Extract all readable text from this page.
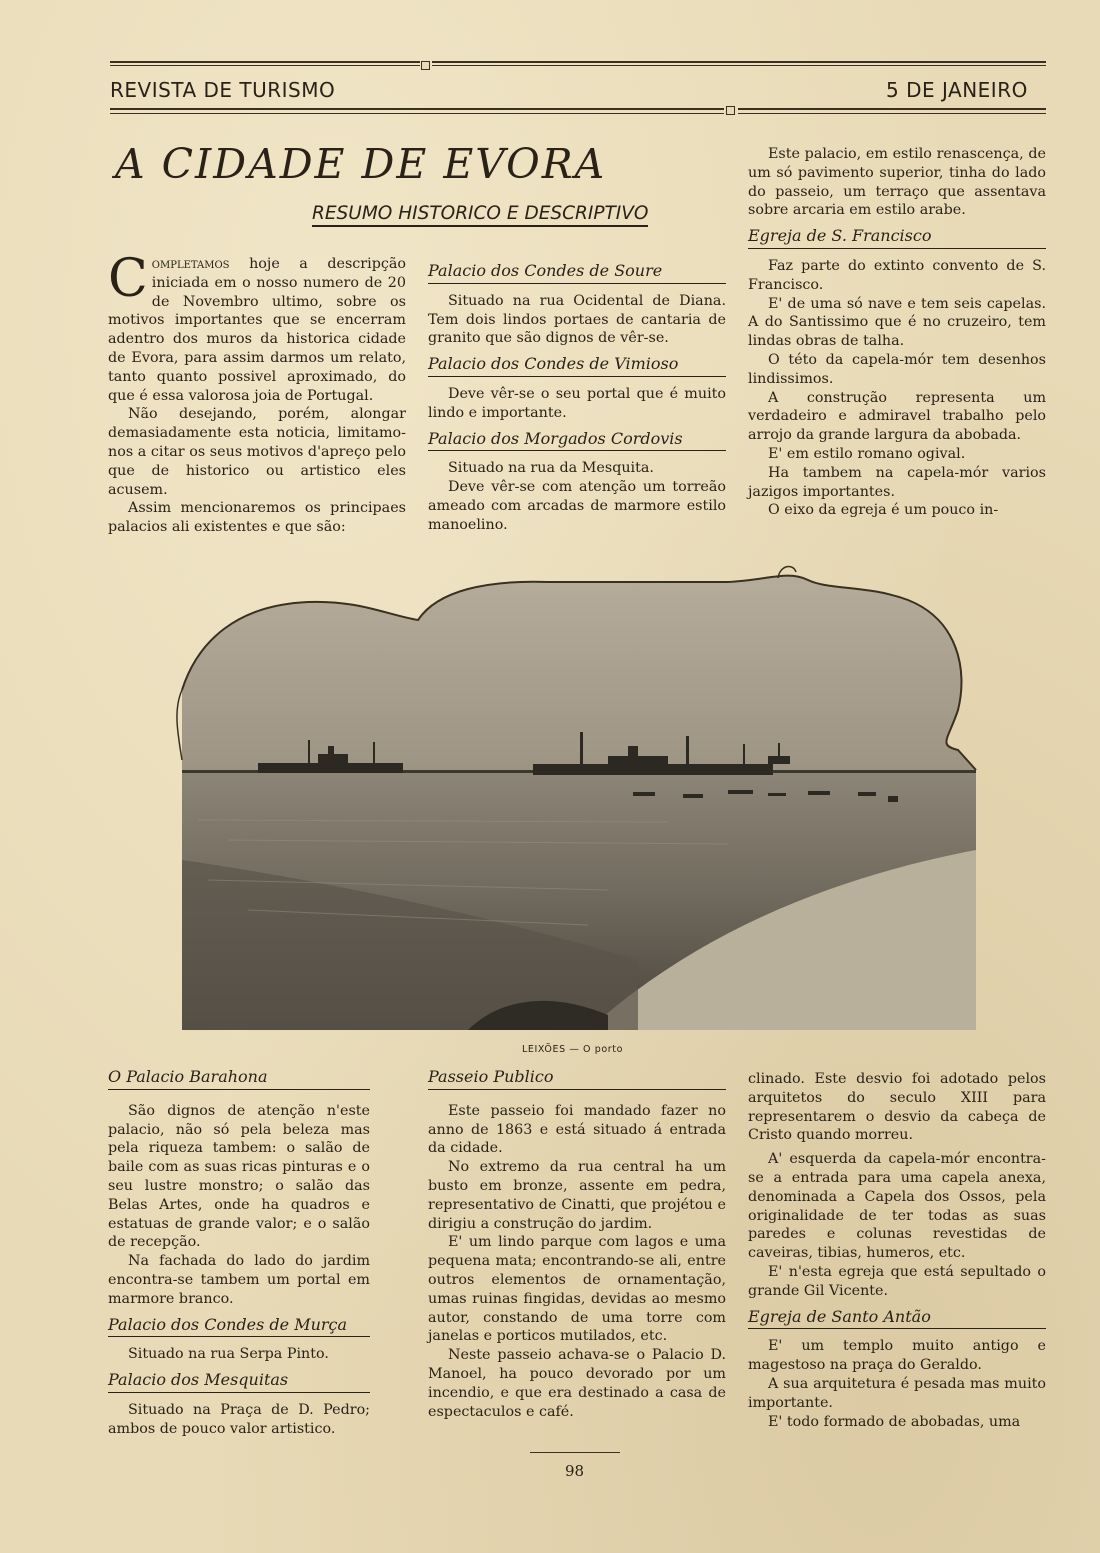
REVISTA DE TURISMO	5 DE JANEIRO
A CIDADE DE EVORA
RESUMO HISTORICO E DESCRIPTIVO

Completamos hoje a descripção iniciada em o nosso numero de 20 de Novembro ultimo, sobre os motivos importantes que se encerram adentro dos muros da historica cidade de Evora, para assim darmos um relato, tanto quanto possivel aproximado, do que é essa valorosa joia de Portugal.

Não desejando, porém, alongar demasiadamente esta noticia, limitamo-nos a citar os seus motivos d'apreço pelo que de historico ou artistico eles acusem.

Assim mencionaremos os principaes palacios ali existentes e que são:

Palacio dos Condes de Soure

Situado na rua Ocidental de Diana. Tem dois lindos portaes de cantaria de granito que são dignos de vêr-se.

Palacio dos Condes de Vimioso

Deve vêr-se o seu portal que é muito lindo e importante.

Palacio dos Morgados Cordovis

Situado na rua da Mesquita.

Deve vêr-se com atenção um torreão ameado com arcadas de marmore estilo manoelino.

Este palacio, em estilo renascença, de um só pavimento superior, tinha do lado do passeio, um terraço que assentava sobre arcaria em estilo arabe.

Egreja de S. Francisco

Faz parte do extinto convento de S. Francisco.

E' de uma só nave e tem seis capelas. A do Santissimo que é no cruzeiro, tem lindas obras de talha.

O této da capela-mór tem desenhos lindissimos.

A construção representa um verdadeiro e admiravel trabalho pelo arrojo da grande largura da abobada.

E' em estilo romano ogival.

Ha tambem na capela-mór varios jazigos importantes.

O eixo da egreja é um pouco in-

LEIXÕES — O porto
O Palacio Barahona

São dignos de atenção n'este palacio, não só pela beleza mas pela riqueza tambem: o salão de baile com as suas ricas pinturas e o seu lustre monstro; o salão das Belas Artes, onde ha quadros e estatuas de grande valor; e o salão de recepção.

Na fachada do lado do jardim encontra-se tambem um portal em marmore branco.

Palacio dos Condes de Murça

Situado na rua Serpa Pinto.

Palacio dos Mesquitas

Situado na Praça de D. Pedro; ambos de pouco valor artistico.

Passeio Publico

Este passeio foi mandado fazer no anno de 1863 e está situado á entrada da cidade.

No extremo da rua central ha um busto em bronze, assente em pedra, representativo de Cinatti, que projétou e dirigiu a construção do jardim.

E' um lindo parque com lagos e uma pequena mata; encontrando-se ali, entre outros elementos de ornamentação, umas ruinas fingidas, devidas ao mesmo autor, constando de uma torre com janelas e porticos mutilados, etc.

Neste passeio achava-se o Palacio D. Manoel, ha pouco devorado por um incendio, e que era destinado a casa de espectaculos e café.

clinado. Este desvio foi adotado pelos arquitetos do seculo XIII para representarem o desvio da cabeça de Cristo quando morreu.

A' esquerda da capela-mór encontra-se a entrada para uma capela anexa, denominada a Capela dos Ossos, pela originalidade de ter todas as suas paredes e colunas revestidas de caveiras, tibias, humeros, etc.

E' n'esta egreja que está sepultado o grande Gil Vicente.

Egreja de Santo Antão

E' um templo muito antigo e magestoso na praça do Geraldo.

A sua arquitetura é pesada mas muito importante.

E' todo formado de abobadas, uma

98
